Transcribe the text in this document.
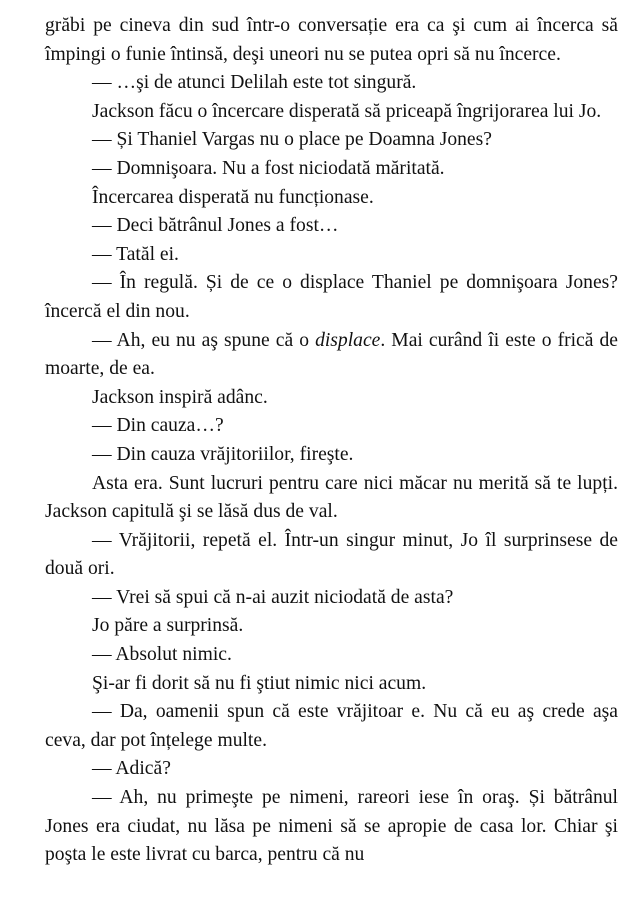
grăbi pe cineva din sud într-o conversație era ca şi cum ai încerca să împingi o funie întinsă, deşi uneori nu se putea opri să nu încerce.

— …şi de atunci Delilah este tot singură.

Jackson făcu o încercare disperată să priceapă îngrijorarea lui Jo.

— Și Thaniel Vargas nu o place pe Doamna Jones?

— Domnişoara. Nu a fost niciodată măritată.

Încercarea disperată nu funcționase.

— Deci bătrânul Jones a fost…

— Tatăl ei.

— În regulă. Și de ce o displace Thaniel pe domnişoara Jones? încercă el din nou.

— Ah, eu nu aş spune că o displace. Mai curând îi este o frică de moarte, de ea.

Jackson inspiră adânc.

— Din cauza…?

— Din cauza vrăjitoriilor, fireşte.

Asta era. Sunt lucruri pentru care nici măcar nu merită să te lupți. Jackson capitulă şi se lăsă dus de val.

— Vrăjitorii, repetă el. Într-un singur minut, Jo îl surprinsese de două ori.

— Vrei să spui că n-ai auzit niciodată de asta?

Jo păre a surprinsă.

— Absolut nimic.

Şi-ar fi dorit să nu fi ştiut nimic nici acum.

— Da, oamenii spun că este vrăjitoar e. Nu că eu aş crede aşa ceva, dar pot înțelege multe.

— Adică?

— Ah, nu primeşte pe nimeni, rareori iese în oraş. Și bătrânul Jones era ciudat, nu lăsa pe nimeni să se apropie de casa lor. Chiar şi poşta le este livrat cu barca, pentru că nu
